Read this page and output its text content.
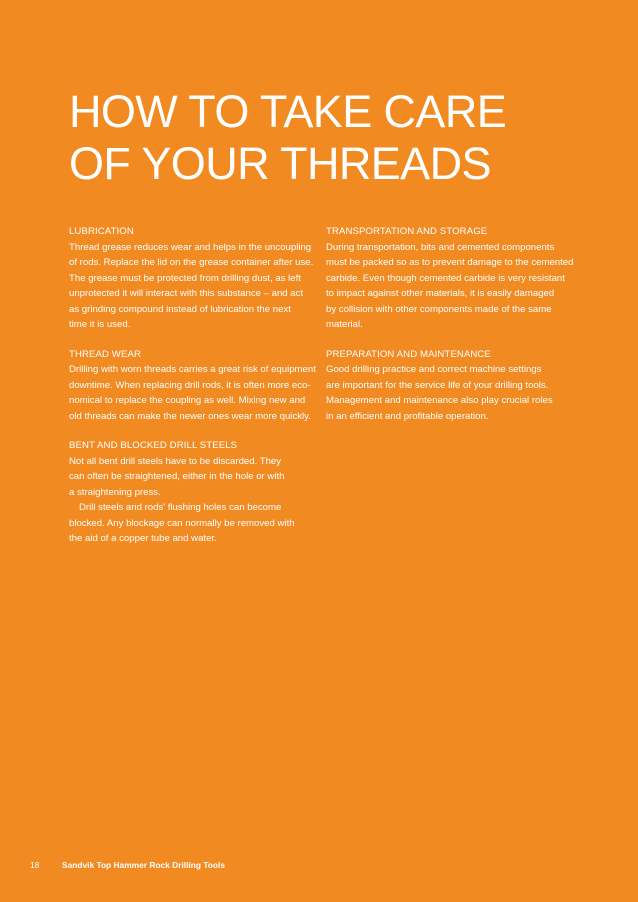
HOW TO TAKE CARE
OF YOUR THREADS
LUBRICATION
Thread grease reduces wear and helps in the uncoupling
of rods. Replace the lid on the grease container after use.
The grease must be protected from drilling dust, as left
unprotected it will interact with this substance – and act
as grinding compound instead of lubrication the next
time it is used.
THREAD WEAR
Drilling with worn threads carries a great risk of equipment
downtime. When replacing drill rods, it is often more eco-
nomical to replace the coupling as well. Mixing new and
old threads can make the newer ones wear more quickly.
BENT AND BLOCKED DRILL STEELS
Not all bent drill steels have to be discarded. They
can often be straightened, either in the hole or with
a straightening press.
Drill steels and rods' flushing holes can become
blocked. Any blockage can normally be removed with
the aid of a copper tube and water.
TRANSPORTATION AND STORAGE
During transportation, bits and cemented components
must be packed so as to prevent damage to the cemented
carbide. Even though cemented carbide is very resistant
to impact against other materials, it is easily damaged
by collision with other components made of the same
material.
PREPARATION AND MAINTENANCE
Good drilling practice and correct machine settings
are important for the service life of your drilling tools.
Management and maintenance also play crucial roles
in an efficient and profitable operation.
18	Sandvik Top Hammer Rock Drilling Tools
